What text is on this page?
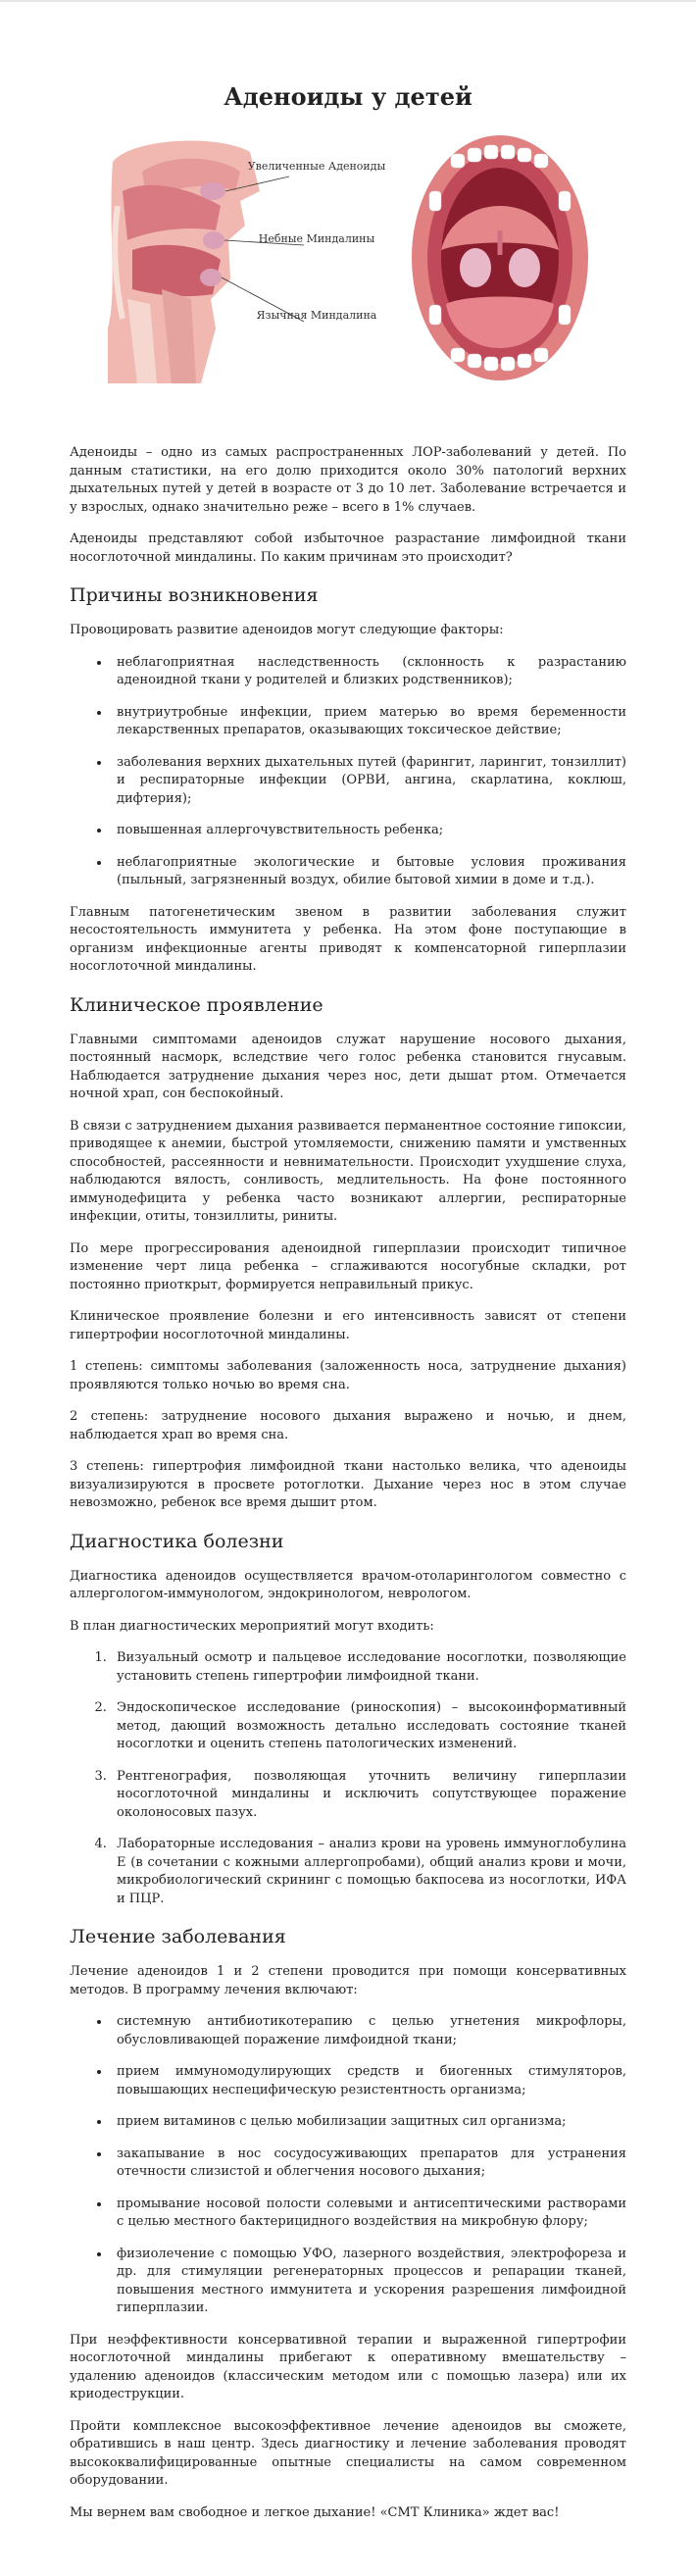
Аденоиды у детей
Увеличенные Аденоиды
Небные Миндалины
Язычная Миндалина

Аденоиды – одно из самых распространенных ЛОР-заболеваний у детей. По данным статистики, на его долю приходится около 30% патологий верхних дыхательных путей у детей в возрасте от 3 до 10 лет. Заболевание встречается и у взрослых, однако значительно реже – всего в 1% случаев.

Аденоиды представляют собой избыточное разрастание лимфоидной ткани носоглоточной миндалины. По каким причинам это происходит?

Причины возникновения

Провоцировать развитие аденоидов могут следующие факторы:

• неблагоприятная наследственность (склонность к разрастанию аденоидной ткани у родителей и близких родственников);
• внутриутробные инфекции, прием матерью во время беременности лекарственных препаратов, оказывающих токсическое действие;
• заболевания верхних дыхательных путей (фарингит, ларингит, тонзиллит) и респираторные инфекции (ОРВИ, ангина, скарлатина, коклюш, дифтерия);
• повышенная аллергочувствительность ребенка;
• неблагоприятные экологические и бытовые условия проживания (пыльный, загрязненный воздух, обилие бытовой химии в доме и т.д.).

Главным патогенетическим звеном в развитии заболевания служит несостоятельность иммунитета у ребенка. На этом фоне поступающие в организм инфекционные агенты приводят к компенсаторной гиперплазии носоглоточной миндалины.

Клиническое проявление

Главными симптомами аденоидов служат нарушение носового дыхания, постоянный насморк, вследствие чего голос ребенка становится гнусавым. Наблюдается затруднение дыхания через нос, дети дышат ртом. Отмечается ночной храп, сон беспокойный.

В связи с затруднением дыхания развивается перманентное состояние гипоксии, приводящее к анемии, быстрой утомляемости, снижению памяти и умственных способностей, рассеянности и невнимательности. Происходит ухудшение слуха, наблюдаются вялость, сонливость, медлительность. На фоне постоянного иммунодефицита у ребенка часто возникают аллергии, респираторные инфекции, отиты, тонзиллиты, риниты.

По мере прогрессирования аденоидной гиперплазии происходит типичное изменение черт лица ребенка – сглаживаются носогубные складки, рот постоянно приоткрыт, формируется неправильный прикус.

Клиническое проявление болезни и его интенсивность зависят от степени гипертрофии носоглоточной миндалины.

1 степень: симптомы заболевания (заложенность носа, затруднение дыхания) проявляются только ночью во время сна.

2 степень: затруднение носового дыхания выражено и ночью, и днем, наблюдается храп во время сна.

3 степень: гипертрофия лимфоидной ткани настолько велика, что аденоиды визуализируются в просвете ротоглотки. Дыхание через нос в этом случае невозможно, ребенок все время дышит ртом.

Диагностика болезни

Диагностика аденоидов осуществляется врачом-отоларингологом совместно с аллергологом-иммунологом, эндокринологом, неврологом.

В план диагностических мероприятий могут входить:

1. Визуальный осмотр и пальцевое исследование носоглотки, позволяющие установить степень гипертрофии лимфоидной ткани.
2. Эндоскопическое исследование (риноскопия) – высокоинформативный метод, дающий возможность детально исследовать состояние тканей носоглотки и оценить степень патологических изменений.
3. Рентгенография, позволяющая уточнить величину гиперплазии носоглоточной миндалины и исключить сопутствующее поражение околоносовых пазух.
4. Лабораторные исследования – анализ крови на уровень иммуноглобулина Е (в сочетании с кожными аллергопробами), общий анализ крови и мочи, микробиологический скрининг с помощью бакпосева из носоглотки, ИФА и ПЦР.
Лечение заболевания

Лечение аденоидов 1 и 2 степени проводится при помощи консервативных методов. В программу лечения включают:

• системную антибиотикотерапию с целью угнетения микрофлоры, обусловливающей поражение лимфоидной ткани;
• прием иммуномодулирующих средств и биогенных стимуляторов, повышающих неспецифическую резистентность организма;
• прием витаминов с целью мобилизации защитных сил организма;
• закапывание в нос сосудосуживающих препаратов для устранения отечности слизистой и облегчения носового дыхания;
• промывание носовой полости солевыми и антисептическими растворами с целью местного бактерицидного воздействия на микробную флору;
• физиолечение с помощью УФО, лазерного воздействия, электрофореза и др. для стимуляции регенераторных процессов и репарации тканей, повышения местного иммунитета и ускорения разрешения лимфоидной гиперплазии.

При неэффективности консервативной терапии и выраженной гипертрофии носоглоточной миндалины прибегают к оперативному вмешательству – удалению аденоидов (классическим методом или с помощью лазера) или их криодеструкции.

Пройти комплексное высокоэффективное лечение аденоидов вы сможете, обратившись в наш центр. Здесь диагностику и лечение заболевания проводят высококвалифицированные опытные специалисты на самом современном оборудовании.

Мы вернем вам свободное и легкое дыхание! «СМТ Клиника» ждет вас!
